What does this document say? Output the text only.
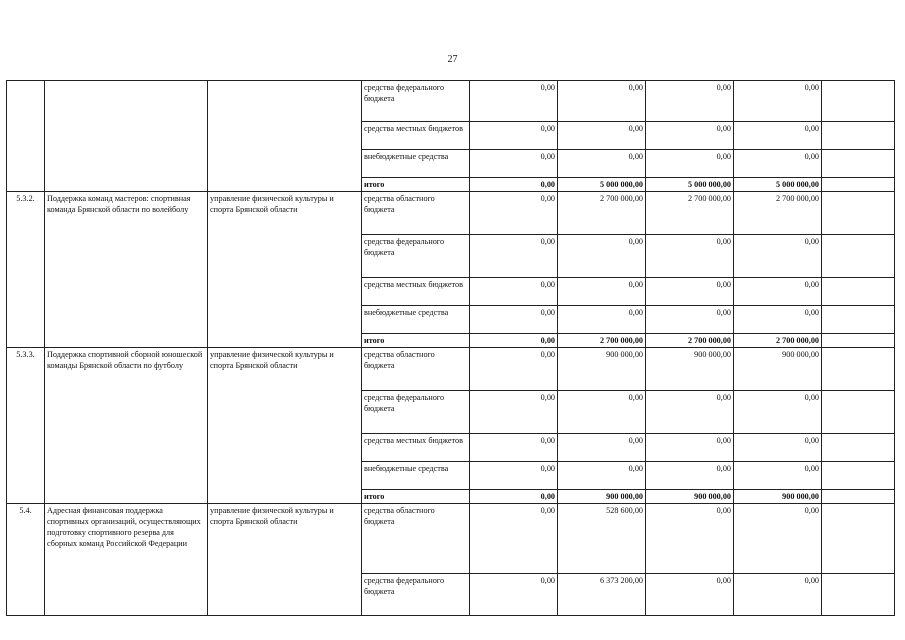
27
			средства федерального бюджета	0,00	0,00	0,00	0,00	
			средства местных бюджетов	0,00	0,00	0,00	0,00	
			внебюджетные средства	0,00	0,00	0,00	0,00	
			итого	0,00	5 000 000,00	5 000 000,00	5 000 000,00	
5.3.2.	Поддержка команд мастеров: спортивная команда Брянской области по волейболу	управление физической культуры и спорта Брянской области	средства областного бюджета	0,00	2 700 000,00	2 700 000,00	2 700 000,00	
			средства федерального бюджета	0,00	0,00	0,00	0,00	
			средства местных бюджетов	0,00	0,00	0,00	0,00	
			внебюджетные средства	0,00	0,00	0,00	0,00	
			итого	0,00	2 700 000,00	2 700 000,00	2 700 000,00	
5.3.3.	Поддержка спортивной сборной юношеской команды Брянской области по футболу	управление физической культуры и спорта Брянской области	средства областного бюджета	0,00	900 000,00	900 000,00	900 000,00	
			средства федерального бюджета	0,00	0,00	0,00	0,00	
			средства местных бюджетов	0,00	0,00	0,00	0,00	
			внебюджетные средства	0,00	0,00	0,00	0,00	
			итого	0,00	900 000,00	900 000,00	900 000,00	
5.4.	Адресная финансовая поддержка спортивных организаций, осуществляющих подготовку спортивного резерва для сборных команд Российской Федерации	управление физической культуры и спорта Брянской области	средства областного бюджета	0,00	528 600,00	0,00	0,00	
			средства федерального бюджета	0,00	6 373 200,00	0,00	0,00	
